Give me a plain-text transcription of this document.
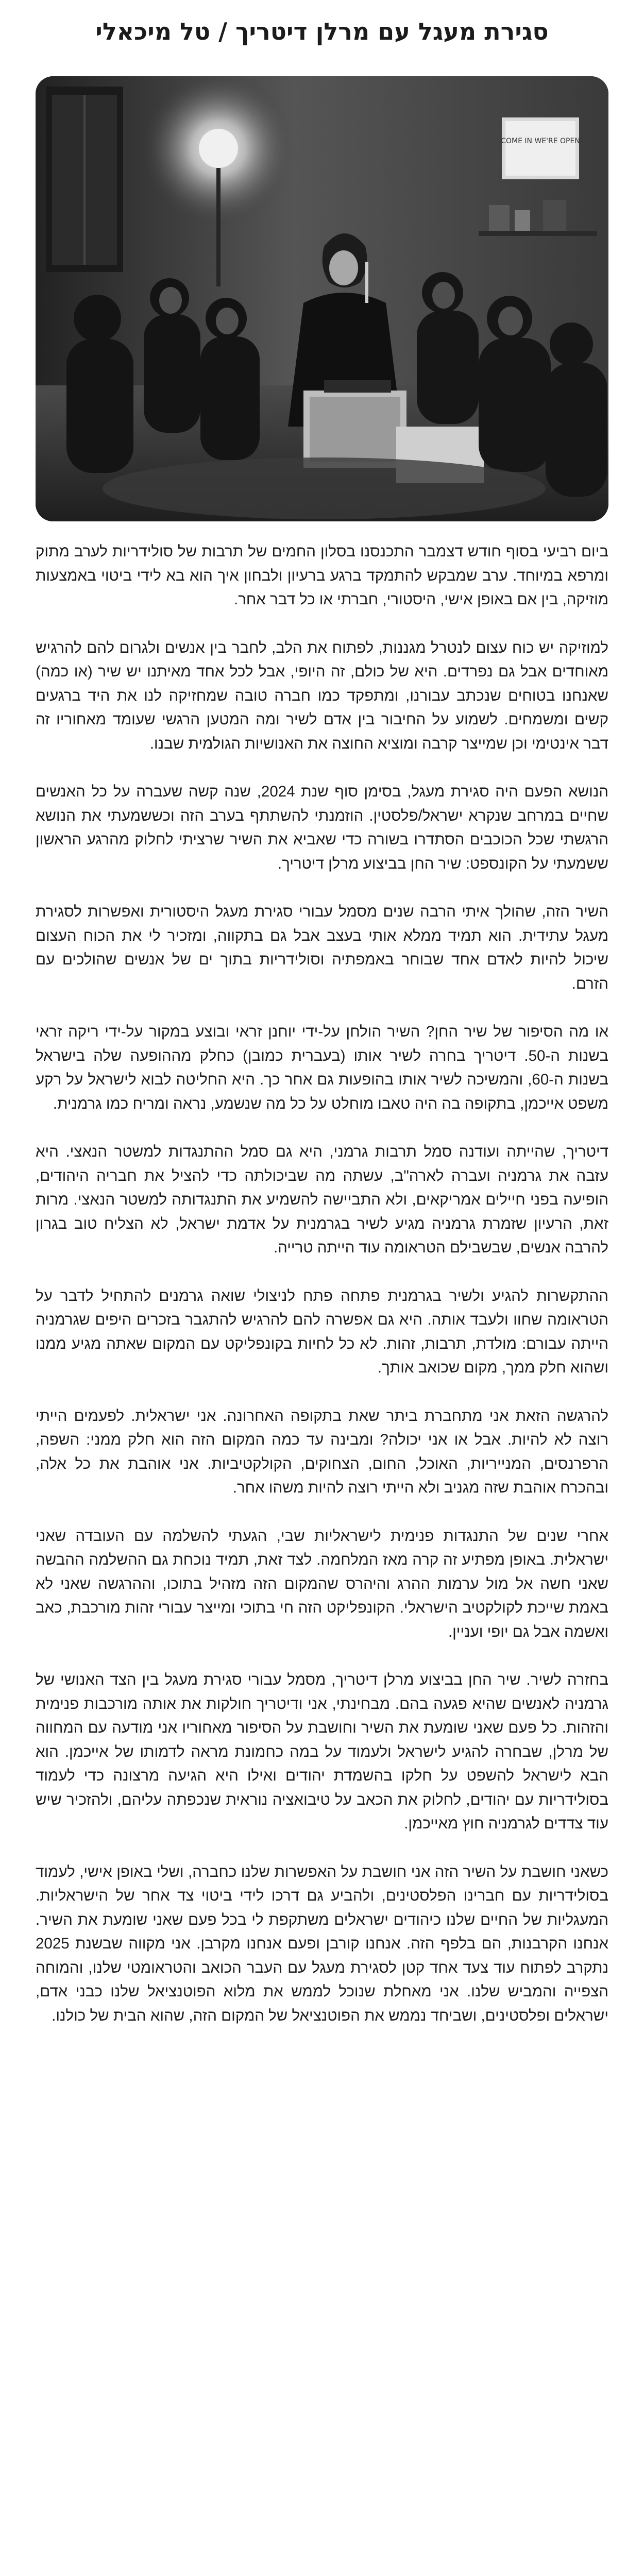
סגירת מעגל עם מרלן דיטריך / טל מיכאלי
COME IN WE'RE OPEN

ביום רביעי בסוף חודש דצמבר התכנסנו בסלון החמים של תרבות של סולידריות לערב מתוק ומרפא במיוחד. ערב שמבקש להתמקד ברגע ברעיון ולבחון איך הוא בא לידי ביטוי באמצעות מוזיקה, בין אם באופן אישי, היסטורי, חברתי או כל דבר אחר.

למוזיקה יש כוח עצום לנטרל מגננות, לפתוח את הלב, לחבר בין אנשים ולגרום להם להרגיש מאוחדים אבל גם נפרדים. היא של כולם, זה היופי, אבל לכל אחד מאיתנו יש שיר (או כמה) שאנחנו בטוחים שנכתב עבורנו, ומתפקד כמו חברה טובה שמחזיקה לנו את היד ברגעים קשים ומשמחים. לשמוע על החיבור בין אדם לשיר ומה המטען הרגשי שעומד מאחוריו זה דבר אינטימי וכן שמייצר קרבה ומוציא החוצה את האנושיות הגולמית שבנו.

הנושא הפעם היה סגירת מעגל, בסימן סוף שנת 2024, שנה קשה שעברה על כל האנשים שחיים במרחב שנקרא ישראל/פלסטין. הוזמנתי להשתתף בערב הזה וכששמעתי את הנושא הרגשתי שכל הכוכבים הסתדרו בשורה כדי שאביא את השיר שרציתי לחלוק מהרגע הראשון ששמעתי על הקונספט: שיר החן בביצוע מרלן דיטריך.

השיר הזה, שהולך איתי הרבה שנים מסמל עבורי סגירת מעגל היסטורית ואפשרות לסגירת מעגל עתידית. הוא תמיד ממלא אותי בעצב אבל גם בתקווה, ומזכיר לי את הכוח העצום שיכול להיות לאדם אחד שבוחר באמפתיה וסולידריות בתוך ים של אנשים שהולכים עם הזרם.

או מה הסיפור של שיר החן? השיר הולחן על-ידי יוחנן זראי ובוצע במקור על-ידי ריקה זראי בשנות ה-50. דיטריך בחרה לשיר אותו (בעברית כמובן) כחלק מההופעה שלה בישראל בשנות ה-60, והמשיכה לשיר אותו בהופעות גם אחר כך. היא החליטה לבוא לישראל על רקע משפט אייכמן, בתקופה בה היה טאבו מוחלט על כל מה שנשמע, נראה ומריח כמו גרמנית.

דיטריך, שהייתה ועודנה סמל תרבות גרמני, היא גם סמל ההתנגדות למשטר הנאצי. היא עזבה את גרמניה ועברה לארה"ב, עשתה מה שביכולתה כדי להציל את חבריה היהודים, הופיעה בפני חיילים אמריקאים, ולא התביישה להשמיע את התנגדותה למשטר הנאצי. מרות זאת, הרעיון שזמרת גרמניה מגיע לשיר בגרמנית על אדמת ישראל, לא הצליח טוב בגרון להרבה אנשים, שבשבילם הטראומה עוד הייתה טרייה.

ההתקשרות להגיע ולשיר בגרמנית פתחה פתח לניצולי שואה גרמנים להתחיל לדבר על הטראומה שחוו ולעבד אותה. היא גם אפשרה להם להרגיש להתגבר בזכרים היפים שגרמניה הייתה עבורם: מולדת, תרבות, זהות. לא כל לחיות בקונפליקט עם המקום שאתה מגיע ממנו ושהוא חלק ממך, מקום שכואב אותך.

להרגשה הזאת אני מתחברת ביתר שאת בתקופה האחרונה. אני ישראלית. לפעמים הייתי רוצה לא להיות. אבל או אני יכולה? ומבינה עד כמה המקום הזה הוא חלק ממני: השפה, הרפרנסים, המנייריות, האוכל, החום, הצחוקים, הקולקטיביות. אני אוהבת את כל אלה, ובהכרח אוהבת שזה מגניב ולא הייתי רוצה להיות משהו אחר.

אחרי שנים של התנגדות פנימית לישראליות שבי, הגעתי להשלמה עם העובדה שאני ישראלית. באופן מפתיע זה קרה מאז המלחמה. לצד זאת, תמיד נוכחת גם ההשלמה ההבשה שאני חשה אל מול ערמות ההרג והיהרס שהמקום הזה מזהיל בתוכו, וההרגשה שאני לא באמת שייכת לקולקטיב הישראלי. הקונפליקט הזה חי בתוכי ומייצר עבורי זהות מורכבת, כאב ואשמה אבל גם יופי ועניין.

בחזרה לשיר. שיר החן בביצוע מרלן דיטריך, מסמל עבורי סגירת מעגל בין הצד האנושי של גרמניה לאנשים שהיא פגעה בהם. מבחינתי, אני ודיטריך חולקות את אותה מורכבות פנימית והזהות. כל פעם שאני שומעת את השיר וחושבת על הסיפור מאחוריו אני מודעה עם המחווה של מרלן, שבחרה להגיע לישראל ולעמוד על במה כחמונת מראה לדמותו של אייכמן. הוא הבא לישראל להשפט על חלקו בהשמדת יהודים ואילו היא הגיעה מרצונה כדי לעמוד בסולידריות עם יהודים, לחלוק את הכאב על טיבואציה נוראית שנכפתה עליהם, ולהזכיר שיש עוד צדדים לגרמניה חוץ מאייכמן.

כשאני חושבת על השיר הזה אני חושבת על האפשרות שלנו כחברה, ושלי באופן אישי, לעמוד בסולידריות עם חברינו הפלסטינים, ולהביע גם דרכו לידי ביטוי צד אחר של הישראליות. המעגליות של החיים שלנו כיהודים ישראלים משתקפת לי בכל פעם שאני שומעת את השיר. אנחנו הקרבנות, הם בלפף הזה. אנחנו קורבן ופעם אנחנו מקרבן. אני מקווה שבשנת 2025 נתקרב לפתוח עוד צעד אחד קטן לסגירת מעגל עם העבר הכואב והטראומטי שלנו, והמוחה הצפייה והמביש שלנו. אני מאחלת שנוכל לממש את מלוא הפוטנציאל שלנו כבני אדם, ישראלים ופלסטינים, ושביחד נממש את הפוטנציאל של המקום הזה, שהוא הבית של כולנו.
